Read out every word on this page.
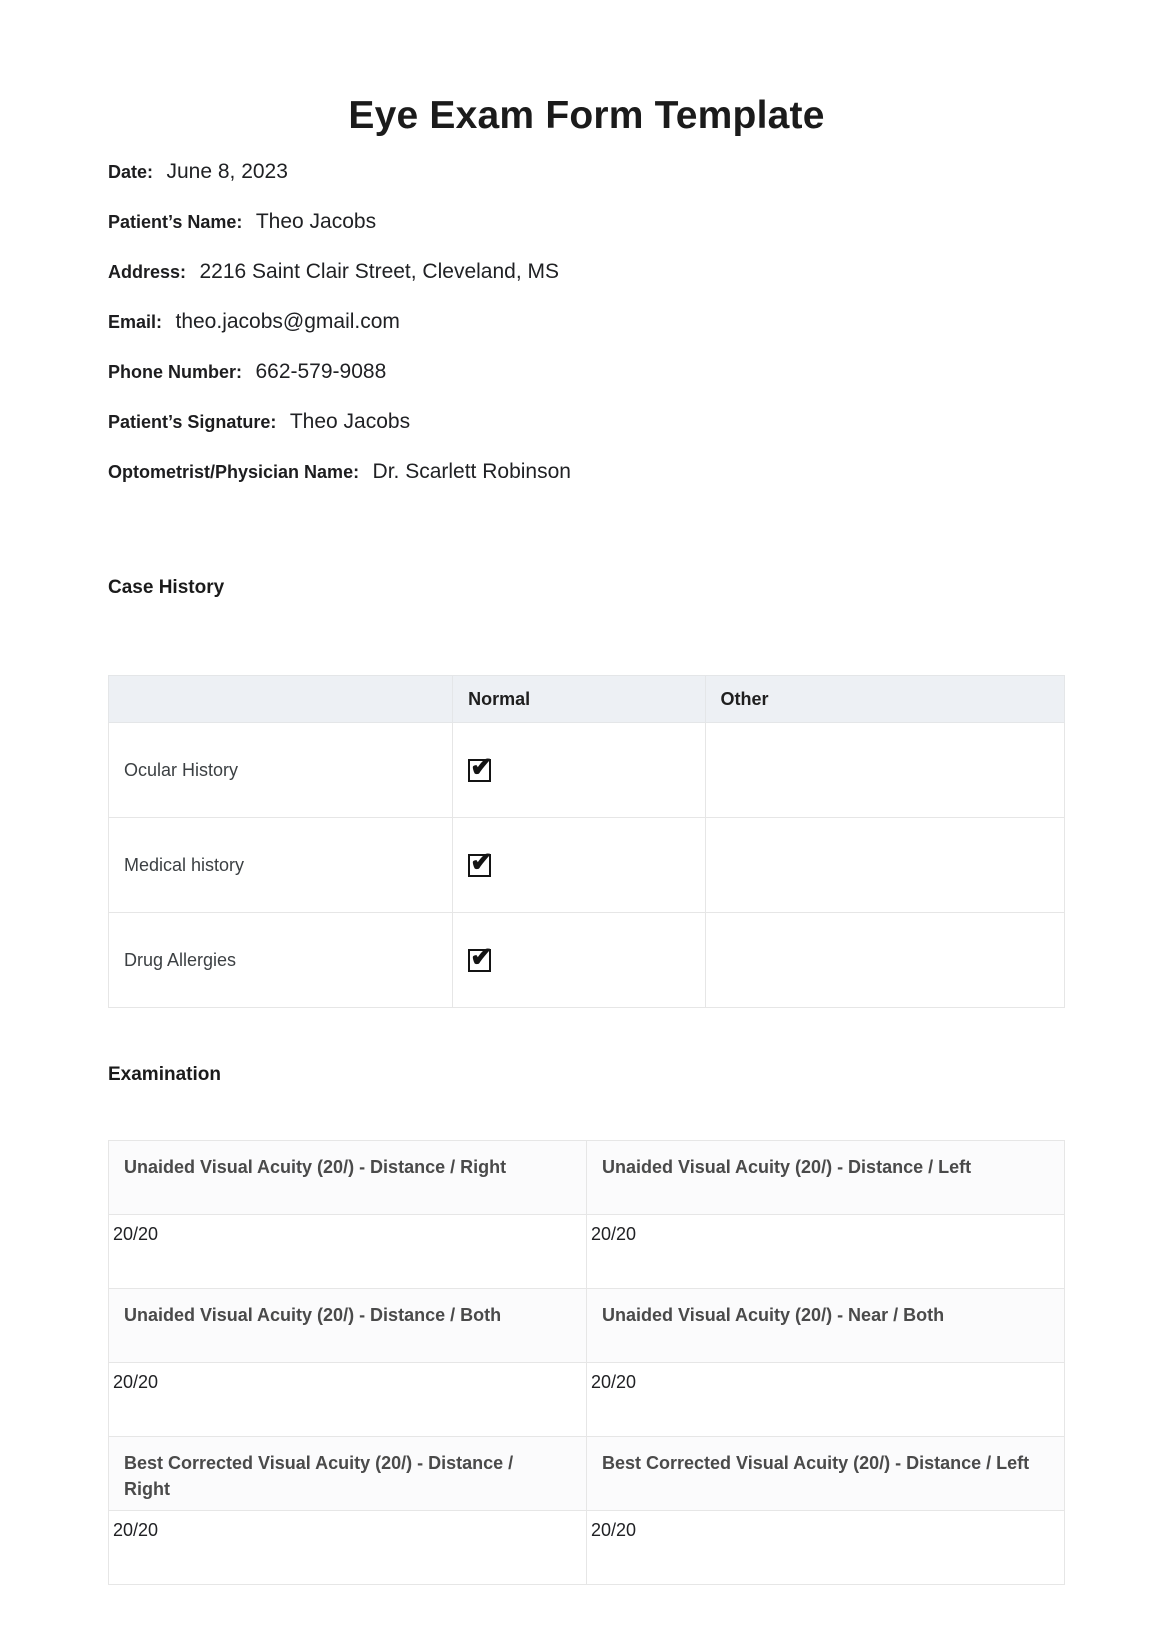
Eye Exam Form Template
Date: June 8, 2023
Patient’s Name: Theo Jacobs
Address: 2216 Saint Clair Street, Cleveland, MS
Email: theo.jacobs@gmail.com
Phone Number: 662-579-9088
Patient’s Signature: Theo Jacobs
Optometrist/Physician Name: Dr. Scarlett Robinson
Case History
	Normal	Other
Ocular History	✔	

Medical history	✔	

Drug Allergies	✔	

Examination
Unaided Visual Acuity (20/) - Distance / Right	Unaided Visual Acuity (20/) - Distance / Left
20/20	20/20
Unaided Visual Acuity (20/) - Distance / Both	Unaided Visual Acuity (20/) - Near / Both
20/20	20/20
Best Corrected Visual Acuity (20/) - Distance / Right	Best Corrected Visual Acuity (20/) - Distance / Left
20/20	20/20
